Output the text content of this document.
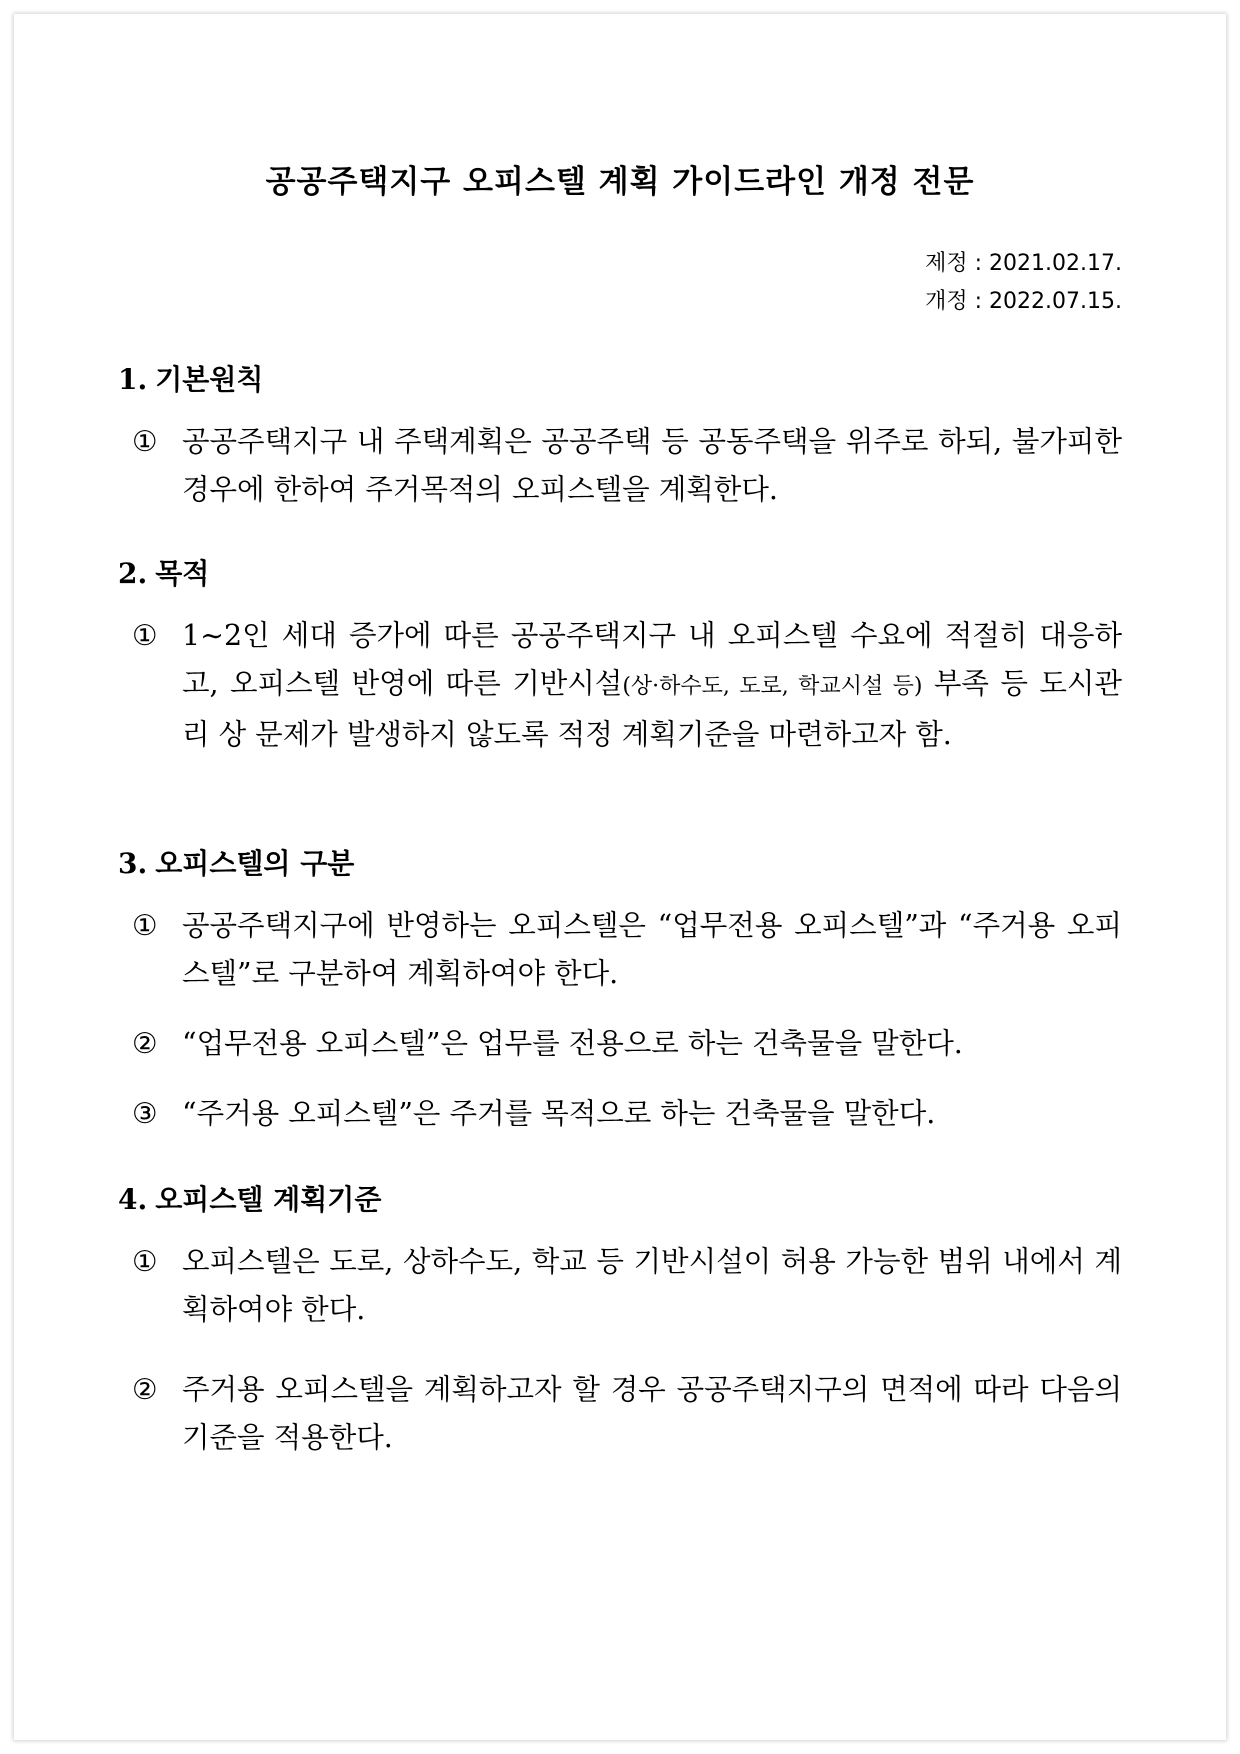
공공주택지구 오피스텔 계획 가이드라인 개정 전문
제정 : 2021.02.17.
개정 : 2022.07.15.
1. 기본원칙
① 공공주택지구 내 주택계획은 공공주택 등 공동주택을 위주로 하되, 불가피한 경우에 한하여 주거목적의 오피스텔을 계획한다.
2. 목적
① 1∼2인 세대 증가에 따른 공공주택지구 내 오피스텔 수요에 적절히 대응하고, 오피스텔 반영에 따른 기반시설(상·하수도, 도로, 학교시설 등) 부족 등 도시관리 상 문제가 발생하지 않도록 적정 계획기준을 마련하고자 함.
3. 오피스텔의 구분
① 공공주택지구에 반영하는 오피스텔은 “업무전용 오피스텔”과 “주거용 오피스텔”로 구분하여 계획하여야 한다.
② “업무전용 오피스텔”은 업무를 전용으로 하는 건축물을 말한다.
③ “주거용 오피스텔”은 주거를 목적으로 하는 건축물을 말한다.
4. 오피스텔 계획기준
① 오피스텔은 도로, 상하수도, 학교 등 기반시설이 허용 가능한 범위 내에서 계획하여야 한다.
② 주거용 오피스텔을 계획하고자 할 경우 공공주택지구의 면적에 따라 다음의 기준을 적용한다.
